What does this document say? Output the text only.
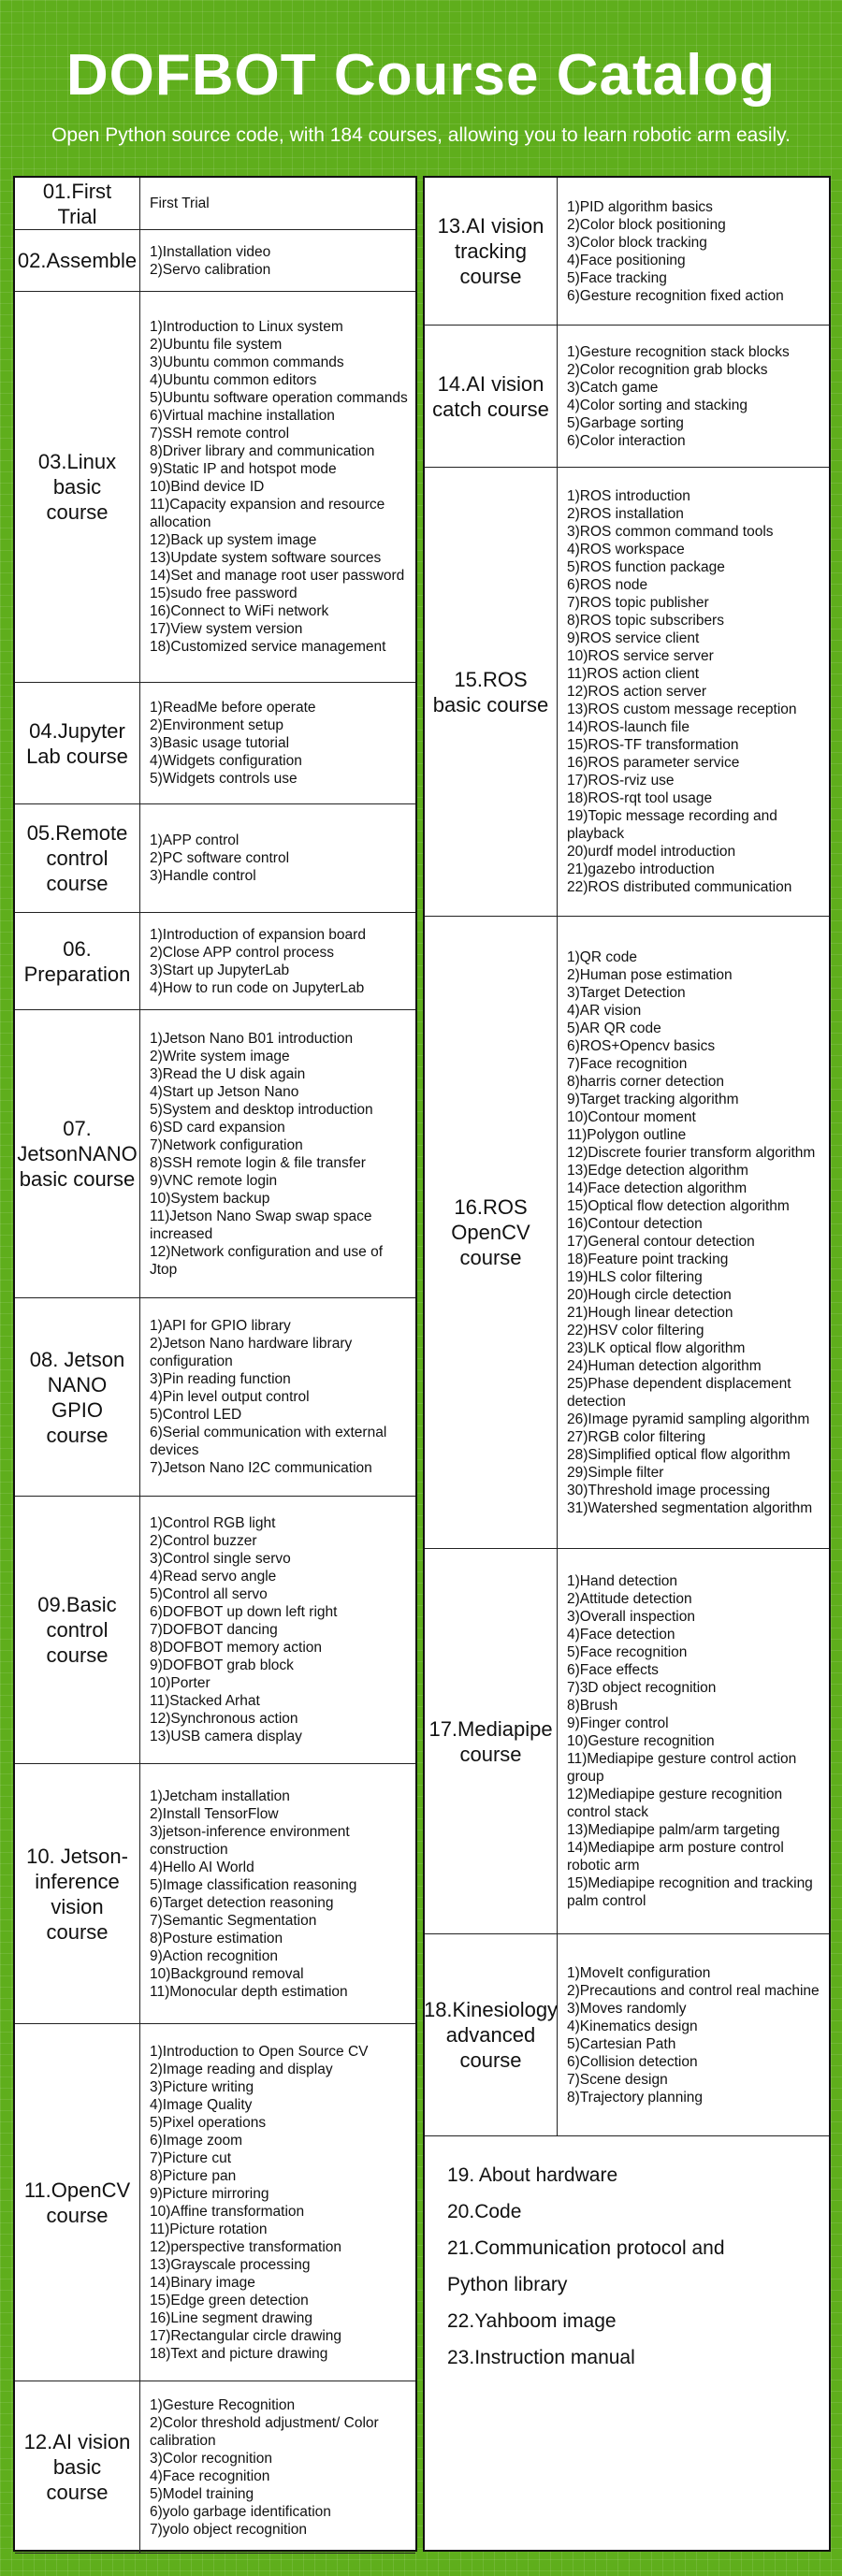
DOFBOT Course Catalog
Open Python source code, with 184 courses, allowing you to learn robotic arm easily.
01.First Trial
First Trial
02.Assemble 1)Installation video
2)Servo calibration
03.Linux basic course
1)Introduction to Linux system
2)Ubuntu file system
3)Ubuntu common commands
4)Ubuntu common editors
5)Ubuntu software operation commands
6)Virtual machine installation
7)SSH remote control
8)Driver library and communication
9)Static IP and hotspot mode
10)Bind device ID
11)Capacity expansion and resource allocation
12)Back up system image
13)Update system software sources
14)Set and manage root user password
15)sudo free password
16)Connect to WiFi network
17)View system version
18)Customized service management
04.Jupyter Lab course
1)ReadMe before operate
2)Environment setup
3)Basic usage tutorial
4)Widgets configuration
5)Widgets controls use
05.Remote control course
1)APP control
2)PC software control
3)Handle control
06. Preparation
1)Introduction of expansion board
2)Close APP control process
3)Start up JupyterLab
4)How to run code on JupyterLab
07. JetsonNANO basic course
1)Jetson Nano B01 introduction
2)Write system image
3)Read the U disk again
4)Start up Jetson Nano
5)System and desktop introduction
6)SD card expansion
7)Network configuration
8)SSH remote login & file transfer
9)VNC remote login
10)System backup
11)Jetson Nano Swap swap space increased
12)Network configuration and use of Jtop
08. Jetson NANO GPIO course
1)API for GPIO library
2)Jetson Nano hardware library configuration
3)Pin reading function
4)Pin level output control
5)Control LED
6)Serial communication with external devices
7)Jetson Nano I2C communication
09.Basic control course
1)Control RGB light
2)Control buzzer
3)Control single servo
4)Read servo angle
5)Control all servo
6)DOFBOT up down left right
7)DOFBOT dancing
8)DOFBOT memory action
9)DOFBOT grab block
10)Porter
11)Stacked Arhat
12)Synchronous action
13)USB camera display
10. Jetson-inference vision course
1)Jetcham installation
2)Install TensorFlow
3)jetson-inference environment construction
4)Hello AI World
5)Image classification reasoning
6)Target detection reasoning
7)Semantic Segmentation
8)Posture estimation
9)Action recognition
10)Background removal
11)Monocular depth estimation
11.OpenCV course
1)Introduction to Open Source CV
2)Image reading and display
3)Picture writing
4)Image Quality
5)Pixel operations
6)Image zoom
7)Picture cut
8)Picture pan
9)Picture mirroring
10)Affine transformation
11)Picture rotation
12)perspective transformation
13)Grayscale processing
14)Binary image
15)Edge green detection
16)Line segment drawing
17)Rectangular circle drawing
18)Text and picture drawing
12.AI vision basic course
1)Gesture Recognition
2)Color threshold adjustment/ Color calibration
3)Color recognition
4)Face recognition
5)Model training
6)yolo garbage identification
7)yolo object recognition
13.AI vision tracking course
1)PID algorithm basics
2)Color block positioning
3)Color block tracking
4)Face positioning
5)Face tracking
6)Gesture recognition fixed action
14.AI vision catch course
1)Gesture recognition stack blocks
2)Color recognition grab blocks
3)Catch game
4)Color sorting and stacking
5)Garbage sorting
6)Color interaction
15.ROS basic course
1)ROS introduction
2)ROS installation
3)ROS common command tools
4)ROS workspace
5)ROS function package
6)ROS node
7)ROS topic publisher
8)ROS topic subscribers
9)ROS service client
10)ROS service server
11)ROS action client
12)ROS action server
13)ROS custom message reception
14)ROS-launch file
15)ROS-TF transformation
16)ROS parameter service
17)ROS-rviz use
18)ROS-rqt tool usage
19)Topic message recording and playback
20)urdf model introduction
21)gazebo introduction
22)ROS distributed communication
16.ROS OpenCV course
1)QR code
2)Human pose estimation
3)Target Detection
4)AR vision
5)AR QR code
6)ROS+Opencv basics
7)Face recognition
8)harris corner detection
9)Target tracking algorithm
10)Contour moment
11)Polygon outline
12)Discrete fourier transform algorithm
13)Edge detection algorithm
14)Face detection algorithm
15)Optical flow detection algorithm
16)Contour detection
17)General contour detection
18)Feature point tracking
19)HLS color filtering
20)Hough circle detection
21)Hough linear detection
22)HSV color filtering
23)LK optical flow algorithm
24)Human detection algorithm
25)Phase dependent displacement detection
26)Image pyramid sampling algorithm
27)RGB color filtering
28)Simplified optical flow algorithm
29)Simple filter
30)Threshold image processing
31)Watershed segmentation algorithm
17.Mediapipe course
1)Hand detection
2)Attitude detection
3)Overall inspection
4)Face detection
5)Face recognition
6)Face effects
7)3D object recognition
8)Brush
9)Finger control
10)Gesture recognition
11)Mediapipe gesture control action group
12)Mediapipe gesture recognition control stack
13)Mediapipe palm/arm targeting
14)Mediapipe arm posture control robotic arm
15)Mediapipe recognition and tracking palm control
18.Kinesiology advanced course
1)MoveIt configuration
2)Precautions and control real machine
3)Moves randomly
4)Kinematics design
5)Cartesian Path
6)Collision detection
7)Scene design
8)Trajectory planning
19. About hardware
20.Code
21.Communication protocol and
Python library
22.Yahboom image
23.Instruction manual
